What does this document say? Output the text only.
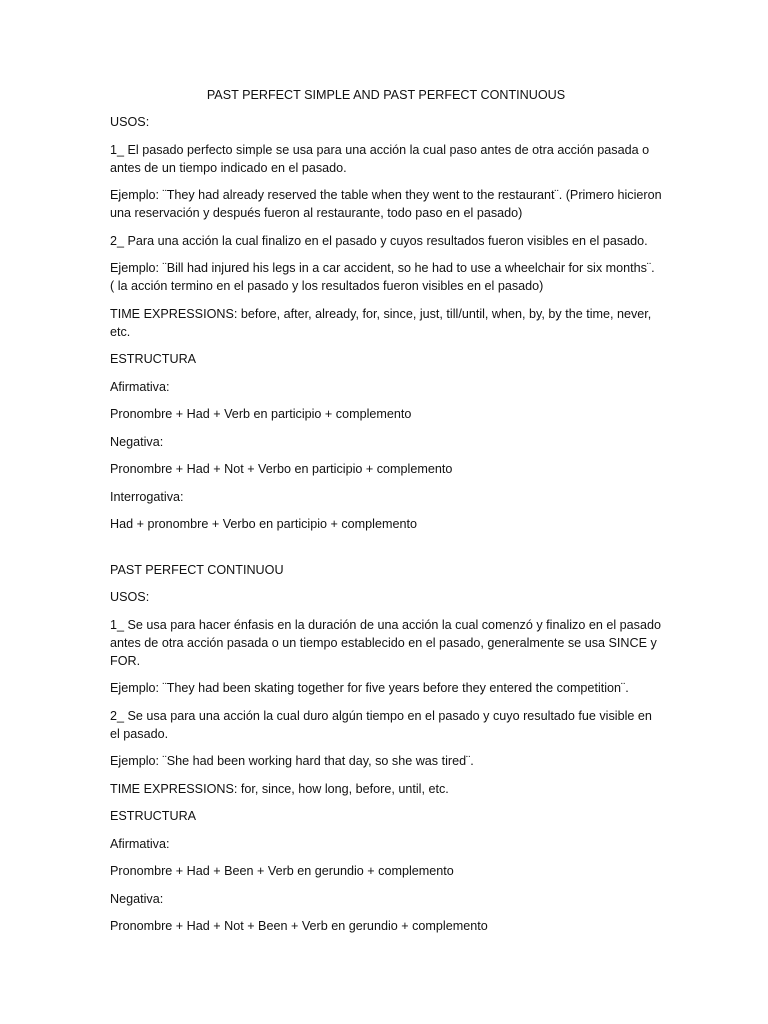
PAST PERFECT SIMPLE AND PAST PERFECT CONTINUOUS
USOS:
1_ El pasado perfecto simple se usa para una acción la cual paso antes de otra acción pasada o antes de un tiempo indicado en el pasado.
Ejemplo: ¨They had already reserved the table when they went to the restaurant¨. (Primero hicieron una reservación y después fueron al restaurante, todo paso en el pasado)
2_ Para una acción la cual finalizo en el pasado y cuyos resultados fueron visibles en el pasado.
Ejemplo: ¨Bill had injured his legs in a car accident, so he had to use a wheelchair for six months¨. ( la acción termino en el pasado y los resultados fueron visibles en el pasado)
TIME EXPRESSIONS: before, after, already, for, since, just, till/until, when, by, by the time, never, etc.
ESTRUCTURA
Afirmativa:
Pronombre + Had + Verb en participio + complemento
Negativa:
Pronombre + Had + Not + Verbo en participio + complemento
Interrogativa:
Had + pronombre + Verbo en participio + complemento
PAST PERFECT CONTINUOU
USOS:
1_ Se usa para hacer énfasis en la duración de una acción la cual comenzó y finalizo en el pasado antes de otra acción pasada o un tiempo establecido en el pasado, generalmente se usa SINCE y FOR.
Ejemplo: ¨They had been skating together for five years before they entered the competition¨.
2_ Se usa para una acción la cual duro algún tiempo en el pasado y cuyo resultado fue visible en el pasado.
Ejemplo: ¨She had been working hard that day, so she was tired¨.
TIME EXPRESSIONS: for, since, how long, before, until, etc.
ESTRUCTURA
Afirmativa:
Pronombre + Had + Been + Verb en gerundio + complemento
Negativa:
Pronombre + Had + Not + Been + Verb en gerundio + complemento
